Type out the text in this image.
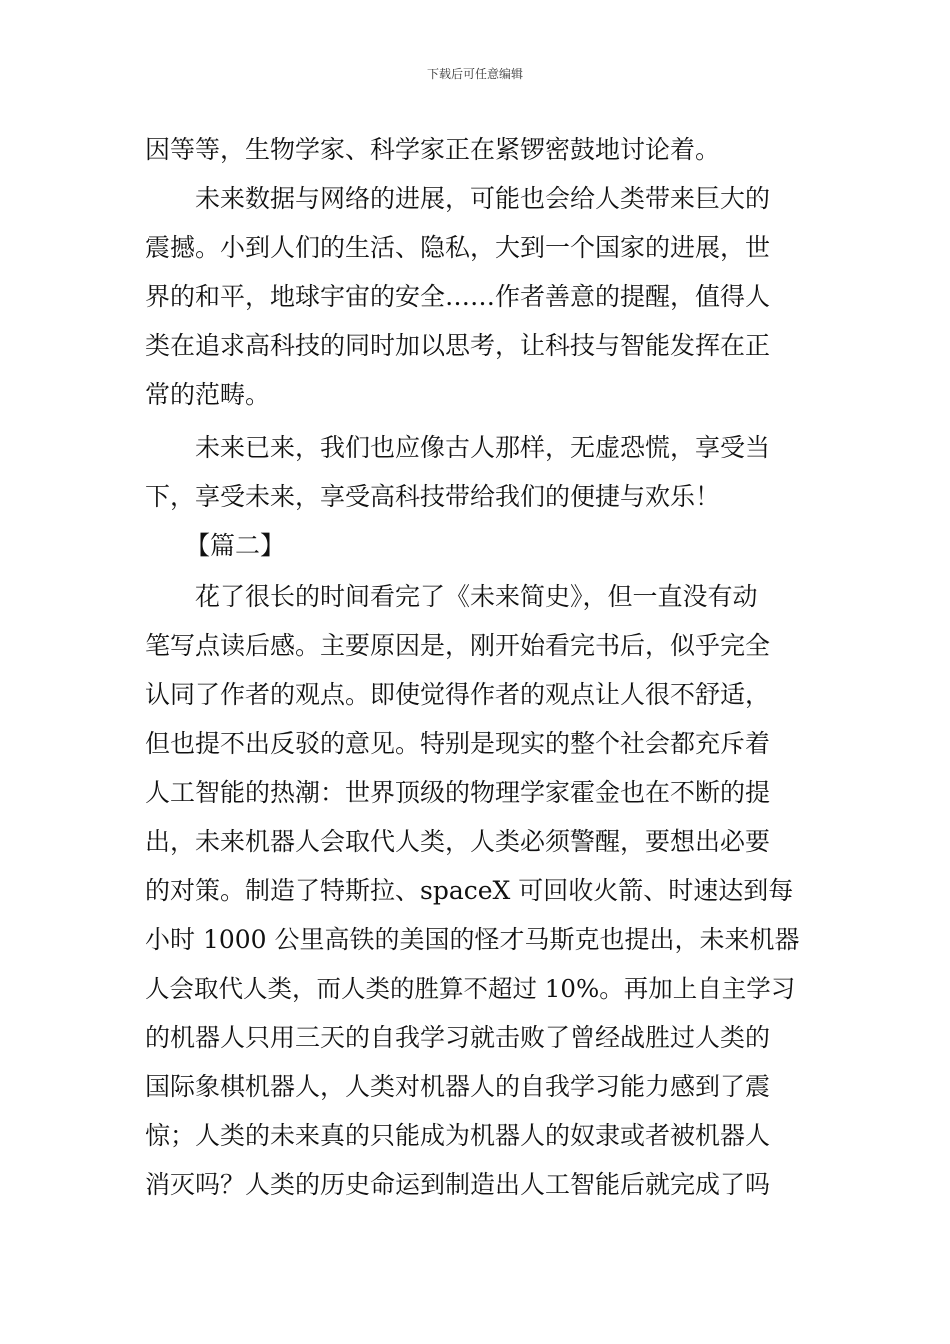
下载后可任意编辑
因等等，生物学家、科学家正在紧锣密鼓地讨论着。
未来数据与网络的进展，可能也会给人类带来巨大的
震撼。小到人们的生活、隐私，大到一个国家的进展，世
界的和平，地球宇宙的安全……作者善意的提醒，值得人
类在追求高科技的同时加以思考，让科技与智能发挥在正
常的范畴。
未来已来，我们也应像古人那样，无虚恐慌，享受当
下，享受未来，享受高科技带给我们的便捷与欢乐！
【篇二】
花了很长的时间看完了《未来简史》，但一直没有动
笔写点读后感。主要原因是，刚开始看完书后，似乎完全
认同了作者的观点。即使觉得作者的观点让人很不舒适，
但也提不出反驳的意见。特别是现实的整个社会都充斥着
人工智能的热潮：世界顶级的物理学家霍金也在不断的提
出，未来机器人会取代人类，人类必须警醒，要想出必要
的对策。制造了特斯拉、spaceX 可回收火箭、时速达到每
小时 1000 公里高铁的美国的怪才马斯克也提出，未来机器
人会取代人类，而人类的胜算不超过 10%。再加上自主学习
的机器人只用三天的自我学习就击败了曾经战胜过人类的
国际象棋机器人，人类对机器人的自我学习能力感到了震
惊；人类的未来真的只能成为机器人的奴隶或者被机器人
消灭吗？人类的历史命运到制造出人工智能后就完成了吗
